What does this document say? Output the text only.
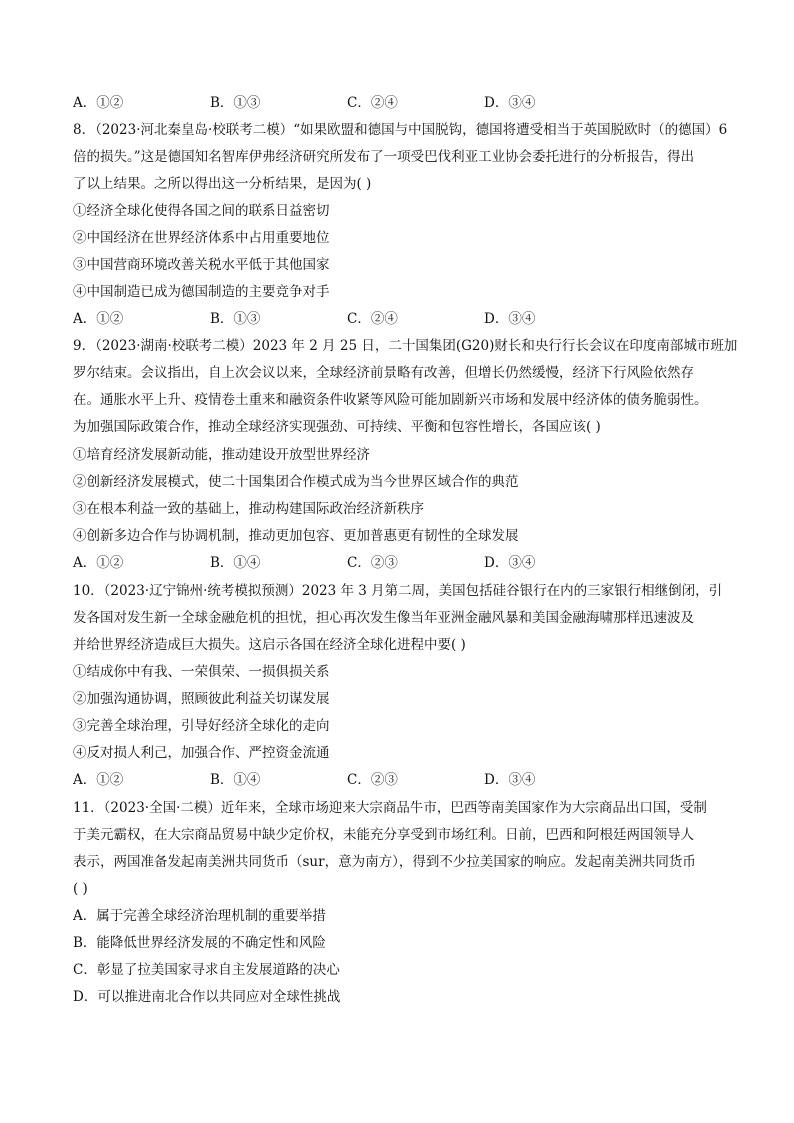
A．①②	B．①③	C．②④	D．③④
8．（2023·河北秦皇岛·校联考二模）“如果欧盟和德国与中国脱钩，德国将遭受相当于英国脱欧时（的德国）6
倍的损失。”这是德国知名智库伊弗经济研究所发布了一项受巴伐利亚工业协会委托进行的分析报告，得出
了以上结果。之所以得出这一分析结果，是因为( )
①经济全球化使得各国之间的联系日益密切
②中国经济在世界经济体系中占用重要地位
③中国营商环境改善关税水平低于其他国家
④中国制造已成为德国制造的主要竞争对手
A．①②	B．①③	C．②④	D．③④
9．（2023·湖南·校联考二模）2023 年 2 月 25 日，二十国集团(G20)财长和央行行长会议在印度南部城市班加
罗尔结束。会议指出，自上次会议以来，全球经济前景略有改善，但增长仍然缓慢，经济下行风险依然存
在。通胀水平上升、疫情卷土重来和融资条件收紧等风险可能加剧新兴市场和发展中经济体的债务脆弱性。
为加强国际政策合作，推动全球经济实现强劲、可持续、平衡和包容性增长，各国应该( )
①培育经济发展新动能，推动建设开放型世界经济
②创新经济发展模式，使二十国集团合作模式成为当今世界区域合作的典范
③在根本利益一致的基础上，推动构建国际政治经济新秩序
④创新多边合作与协调机制，推动更加包容、更加普惠更有韧性的全球发展
A．①②	B．①④	C．②③	D．③④
10．（2023·辽宁锦州·统考模拟预测）2023 年 3 月第二周，美国包括硅谷银行在内的三家银行相继倒闭，引
发各国对发生新一全球金融危机的担忧，担心再次发生像当年亚洲金融风暴和美国金融海啸那样迅速波及
并给世界经济造成巨大损失。这启示各国在经济全球化进程中要( )
①结成你中有我、一荣俱荣、一损俱损关系
②加强沟通协调，照顾彼此利益关切谋发展
③完善全球治理，引导好经济全球化的走向
④反对损人利己，加强合作、严控资金流通
A．①②	B．①④	C．②③	D．③④
11．（2023·全国·二模）近年来，全球市场迎来大宗商品牛市，巴西等南美国家作为大宗商品出口国，受制
于美元霸权，在大宗商品贸易中缺少定价权，未能充分享受到市场红利。日前，巴西和阿根廷两国领导人
表示，两国准备发起南美洲共同货币（sur，意为南方），得到不少拉美国家的响应。发起南美洲共同货币
( )
A．属于完善全球经济治理机制的重要举措
B．能降低世界经济发展的不确定性和风险
C．彰显了拉美国家寻求自主发展道路的决心
D．可以推进南北合作以共同应对全球性挑战
